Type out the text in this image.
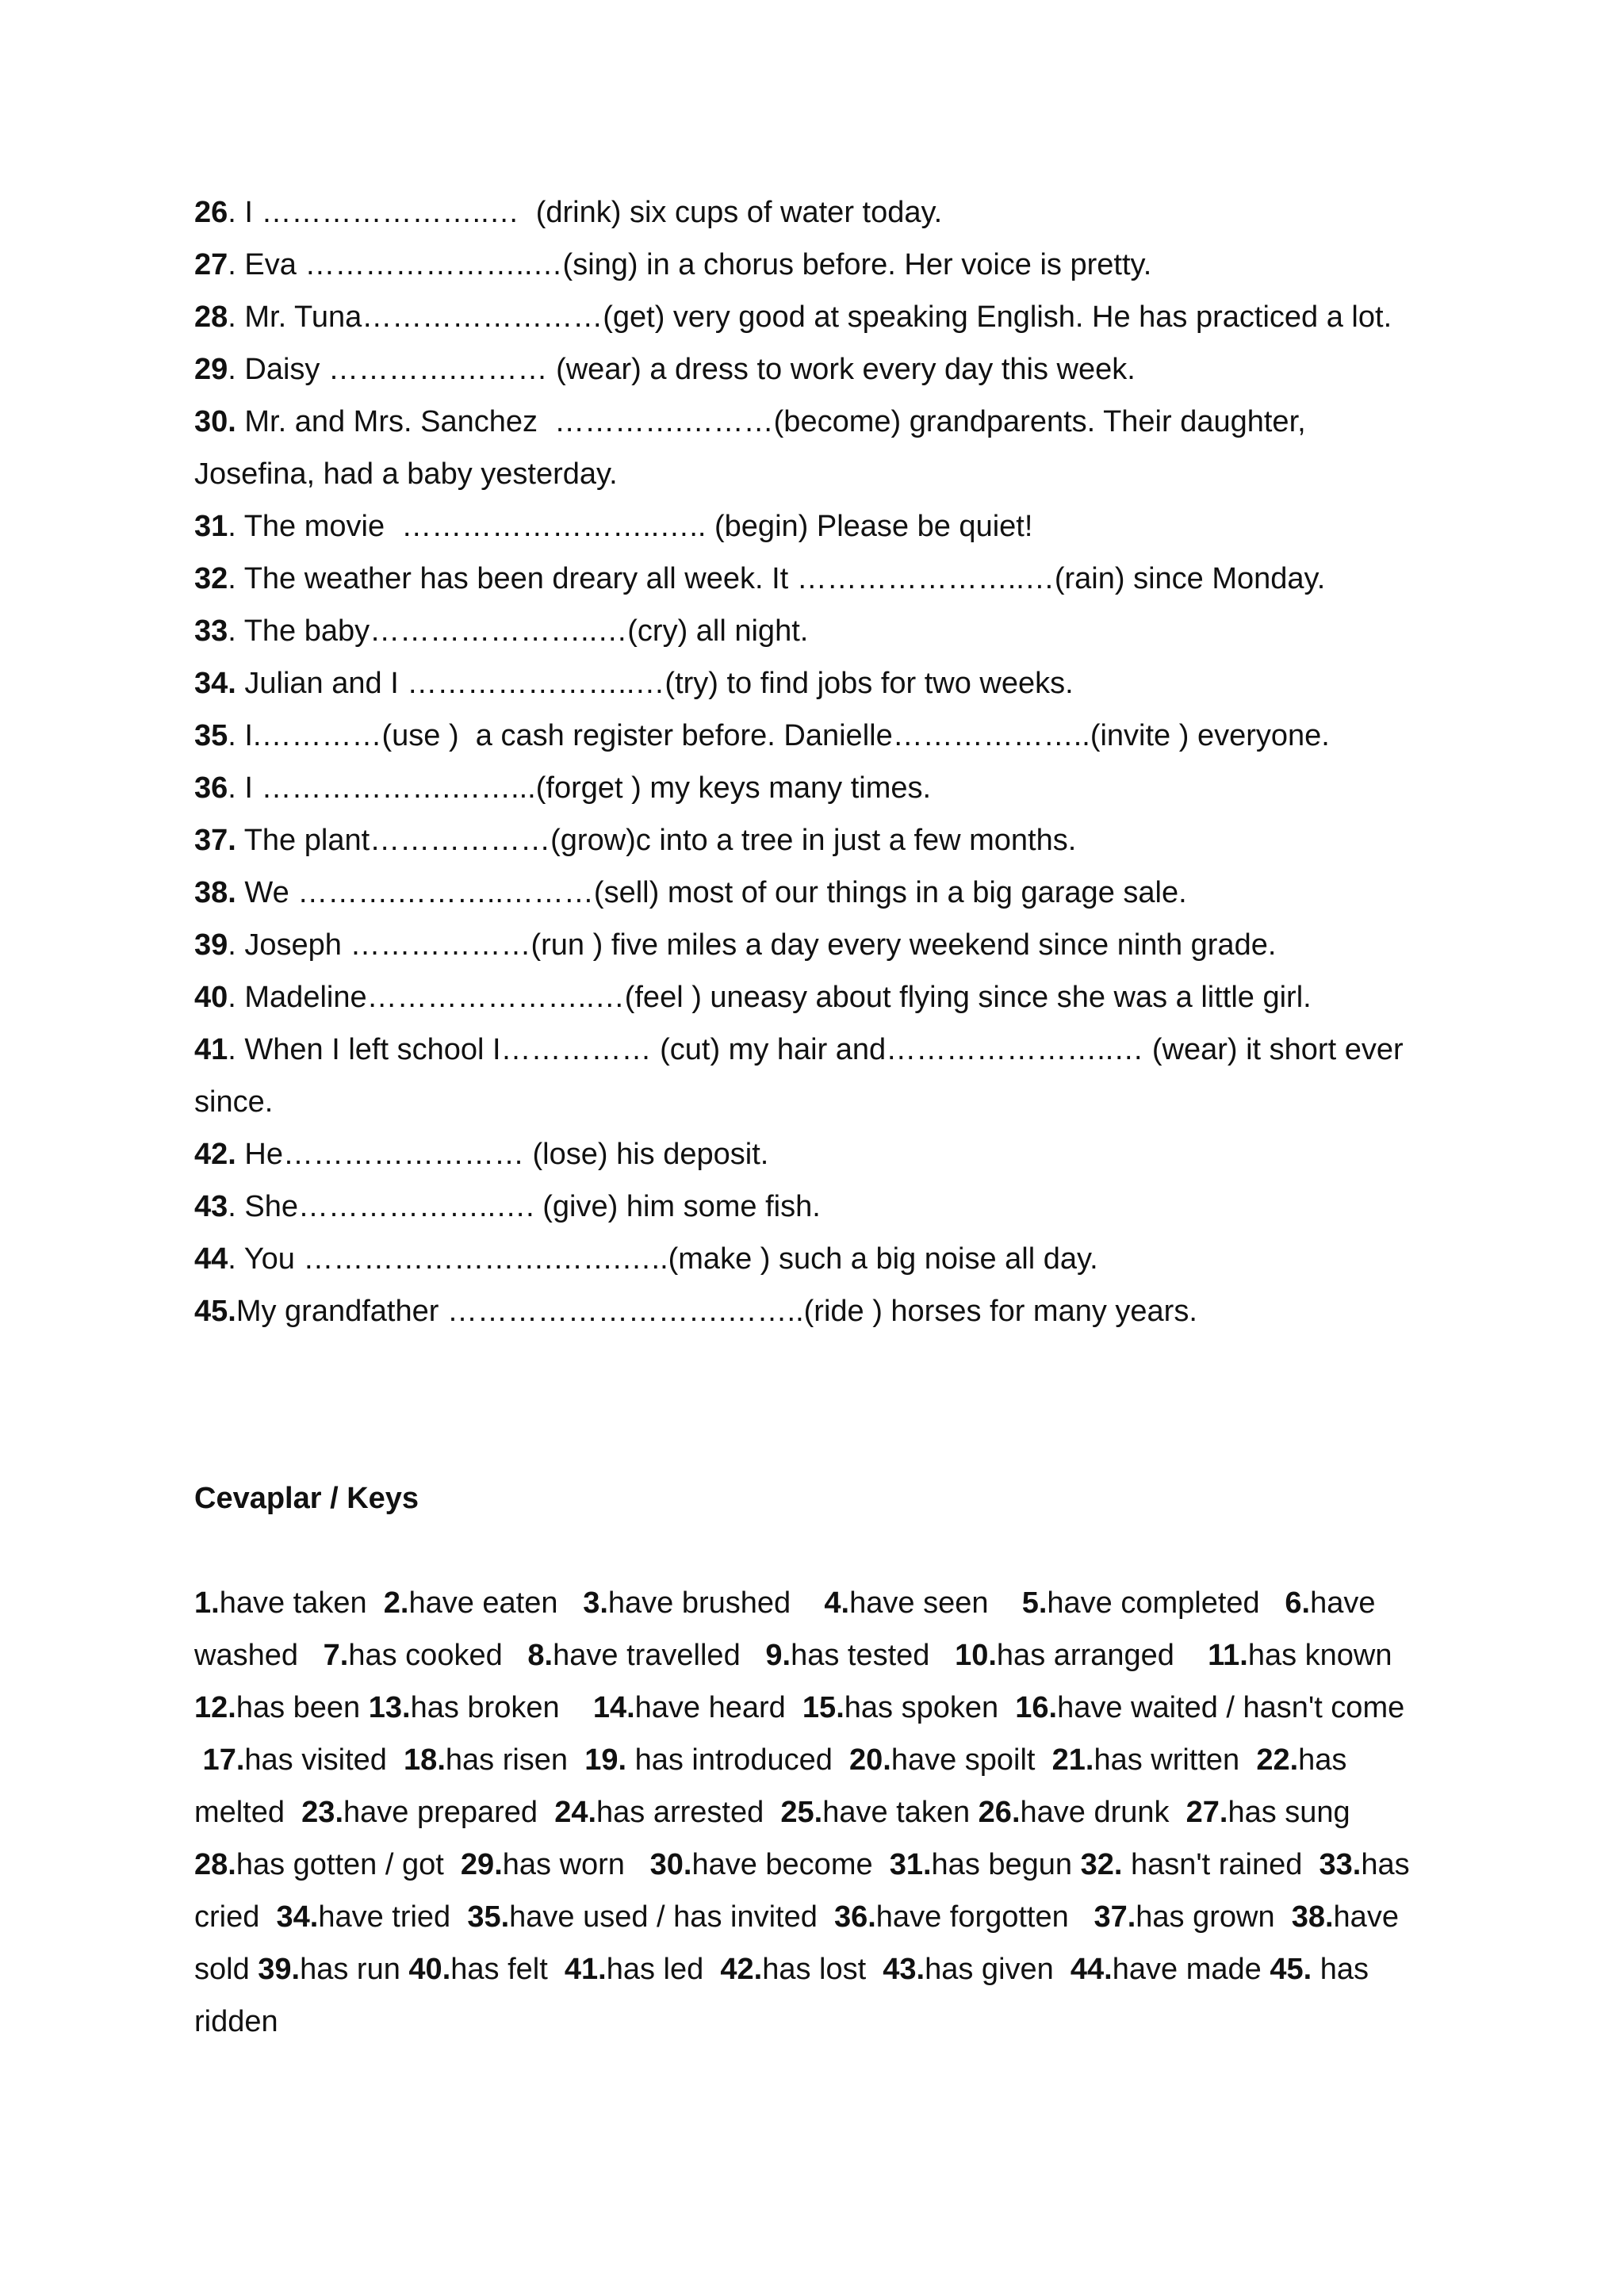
26. I …………………..…  (drink) six cups of water today.
27. Eva …………………..…(sing) in a chorus before. Her voice is pretty.
28. Mr. Tuna……………………(get) very good at speaking English. He has practiced a lot.
29. Daisy ………….……… (wear) a dress to work every day this week.
30. Mr. and Mrs. Sanchez  ………….………(become) grandparents. Their daughter,
Josefina, had a baby yesterday.
31. The movie  ……………………..….. (begin) Please be quiet!
32. The weather has been dreary all week. It …………………..…(rain) since Monday.
33. The baby…………………..…(cry) all night.
34. Julian and I …………………..…(try) to find jobs for two weeks.
35. I.…………(use )  a cash register before. Danielle………………..(invite ) everyone.
36. I ……………….……...(forget ) my keys many times.
37. The plant………………(grow)c into a tree in just a few months.
38. We ……….………..………(sell) most of our things in a big garage sale.
39. Joseph ………………(run ) five miles a day every weekend since ninth grade.
40. Madeline…………………..…(feel ) uneasy about flying since she was a little girl.
41. When I left school I…………… (cut) my hair and…………………..… (wear) it short ever
since.
42. He…………………… (lose) his deposit.
43. She………………..…. (give) him some fish.
44. You …………………….…….…..(make ) such a big noise all day.
45.My grandfather ……………………….……..(ride ) horses for many years.
Cevaplar / Keys
1.have taken  2.have eaten   3.have brushed    4.have seen    5.have completed   6.have
washed   7.has cooked   8.have travelled   9.has tested   10.has arranged    11.has known
12.has been 13.has broken    14.have heard  15.has spoken  16.have waited / hasn't come
17.has visited  18.has risen  19. has introduced  20.have spoilt  21.has written  22.has
melted  23.have prepared  24.has arrested  25.have taken 26.have drunk  27.has sung
28.has gotten / got  29.has worn   30.have become  31.has begun 32. hasn't rained  33.has
cried  34.have tried  35.have used / has invited  36.have forgotten   37.has grown  38.have
sold 39.has run 40.has felt  41.has led  42.has lost  43.has given  44.have made 45. has
ridden
